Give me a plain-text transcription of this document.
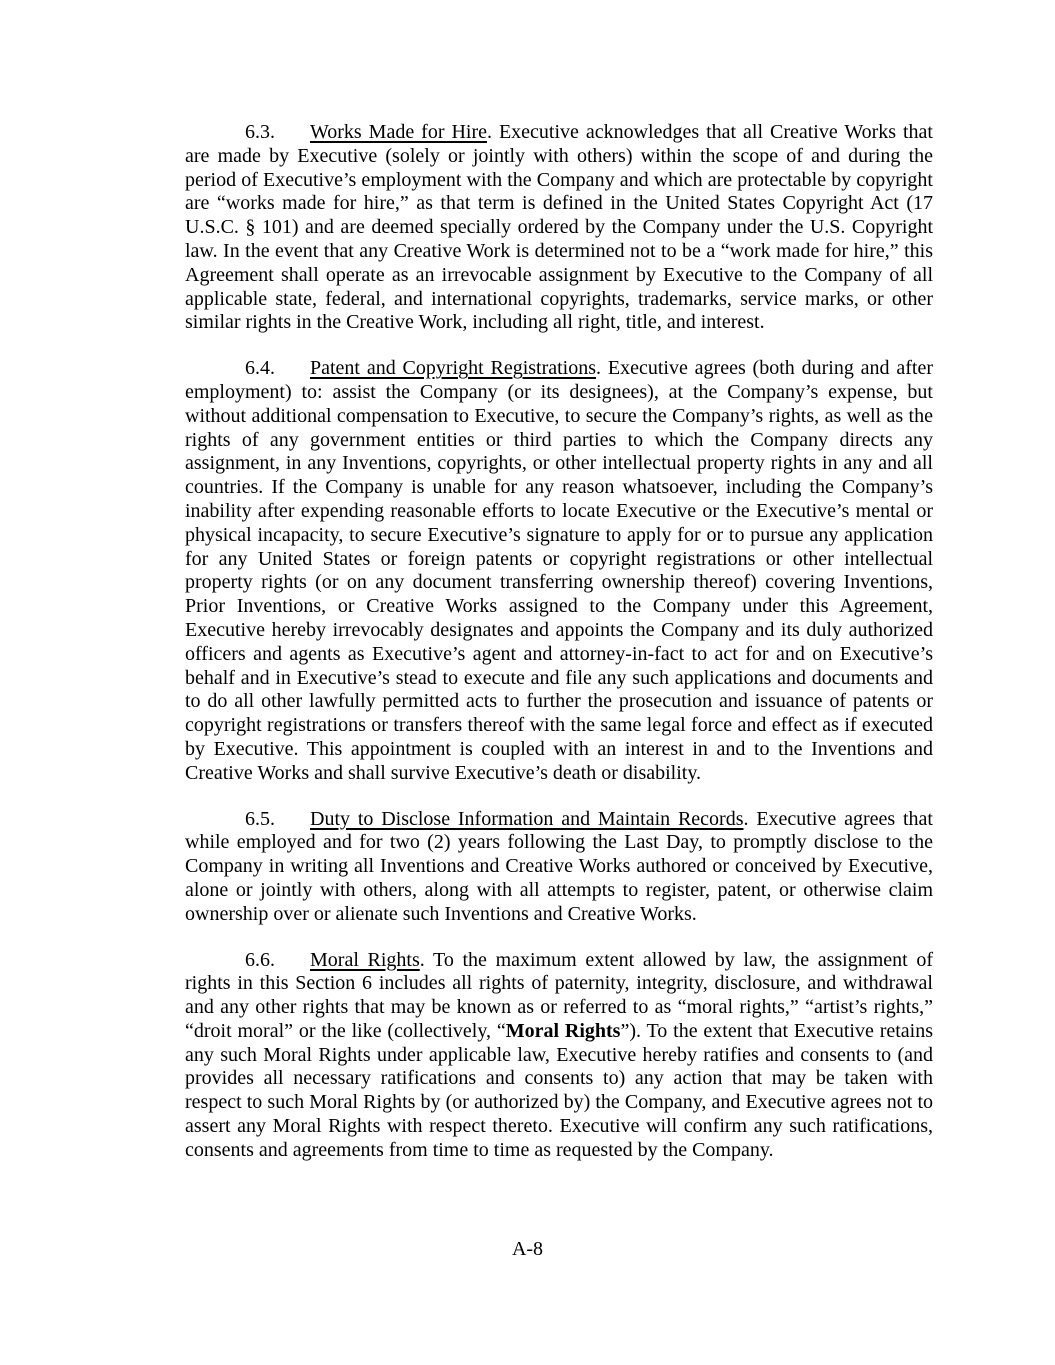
6.3. Works Made for Hire. Executive acknowledges that all Creative Works that are made by Executive (solely or jointly with others) within the scope of and during the period of Executive’s employment with the Company and which are protectable by copyright are “works made for hire,” as that term is defined in the United States Copyright Act (17 U.S.C. § 101) and are deemed specially ordered by the Company under the U.S. Copyright law. In the event that any Creative Work is determined not to be a “work made for hire,” this Agreement shall operate as an irrevocable assignment by Executive to the Company of all applicable state, federal, and international copyrights, trademarks, service marks, or other similar rights in the Creative Work, including all right, title, and interest.

6.4. Patent and Copyright Registrations. Executive agrees (both during and after employment) to: assist the Company (or its designees), at the Company’s expense, but without additional compensation to Executive, to secure the Company’s rights, as well as the rights of any government entities or third parties to which the Company directs any assignment, in any Inventions, copyrights, or other intellectual property rights in any and all countries. If the Company is unable for any reason whatsoever, including the Company’s inability after expending reasonable efforts to locate Executive or the Executive’s mental or physical incapacity, to secure Executive’s signature to apply for or to pursue any application for any United States or foreign patents or copyright registrations or other intellectual property rights (or on any document transferring ownership thereof) covering Inventions, Prior Inventions, or Creative Works assigned to the Company under this Agreement, Executive hereby irrevocably designates and appoints the Company and its duly authorized officers and agents as Executive’s agent and attorney-in-fact to act for and on Executive’s behalf and in Executive’s stead to execute and file any such applications and documents and to do all other lawfully permitted acts to further the prosecution and issuance of patents or copyright registrations or transfers thereof with the same legal force and effect as if executed by Executive. This appointment is coupled with an interest in and to the Inventions and Creative Works and shall survive Executive’s death or disability.

6.5. Duty to Disclose Information and Maintain Records. Executive agrees that while employed and for two (2) years following the Last Day, to promptly disclose to the Company in writing all Inventions and Creative Works authored or conceived by Executive, alone or jointly with others, along with all attempts to register, patent, or otherwise claim ownership over or alienate such Inventions and Creative Works.

6.6. Moral Rights. To the maximum extent allowed by law, the assignment of rights in this Section 6 includes all rights of paternity, integrity, disclosure, and withdrawal and any other rights that may be known as or referred to as “moral rights,” “artist’s rights,” “droit moral” or the like (collectively, “Moral Rights”). To the extent that Executive retains any such Moral Rights under applicable law, Executive hereby ratifies and consents to (and provides all necessary ratifications and consents to) any action that may be taken with respect to such Moral Rights by (or authorized by) the Company, and Executive agrees not to assert any Moral Rights with respect thereto. Executive will confirm any such ratifications, consents and agreements from time to time as requested by the Company.

A-8
